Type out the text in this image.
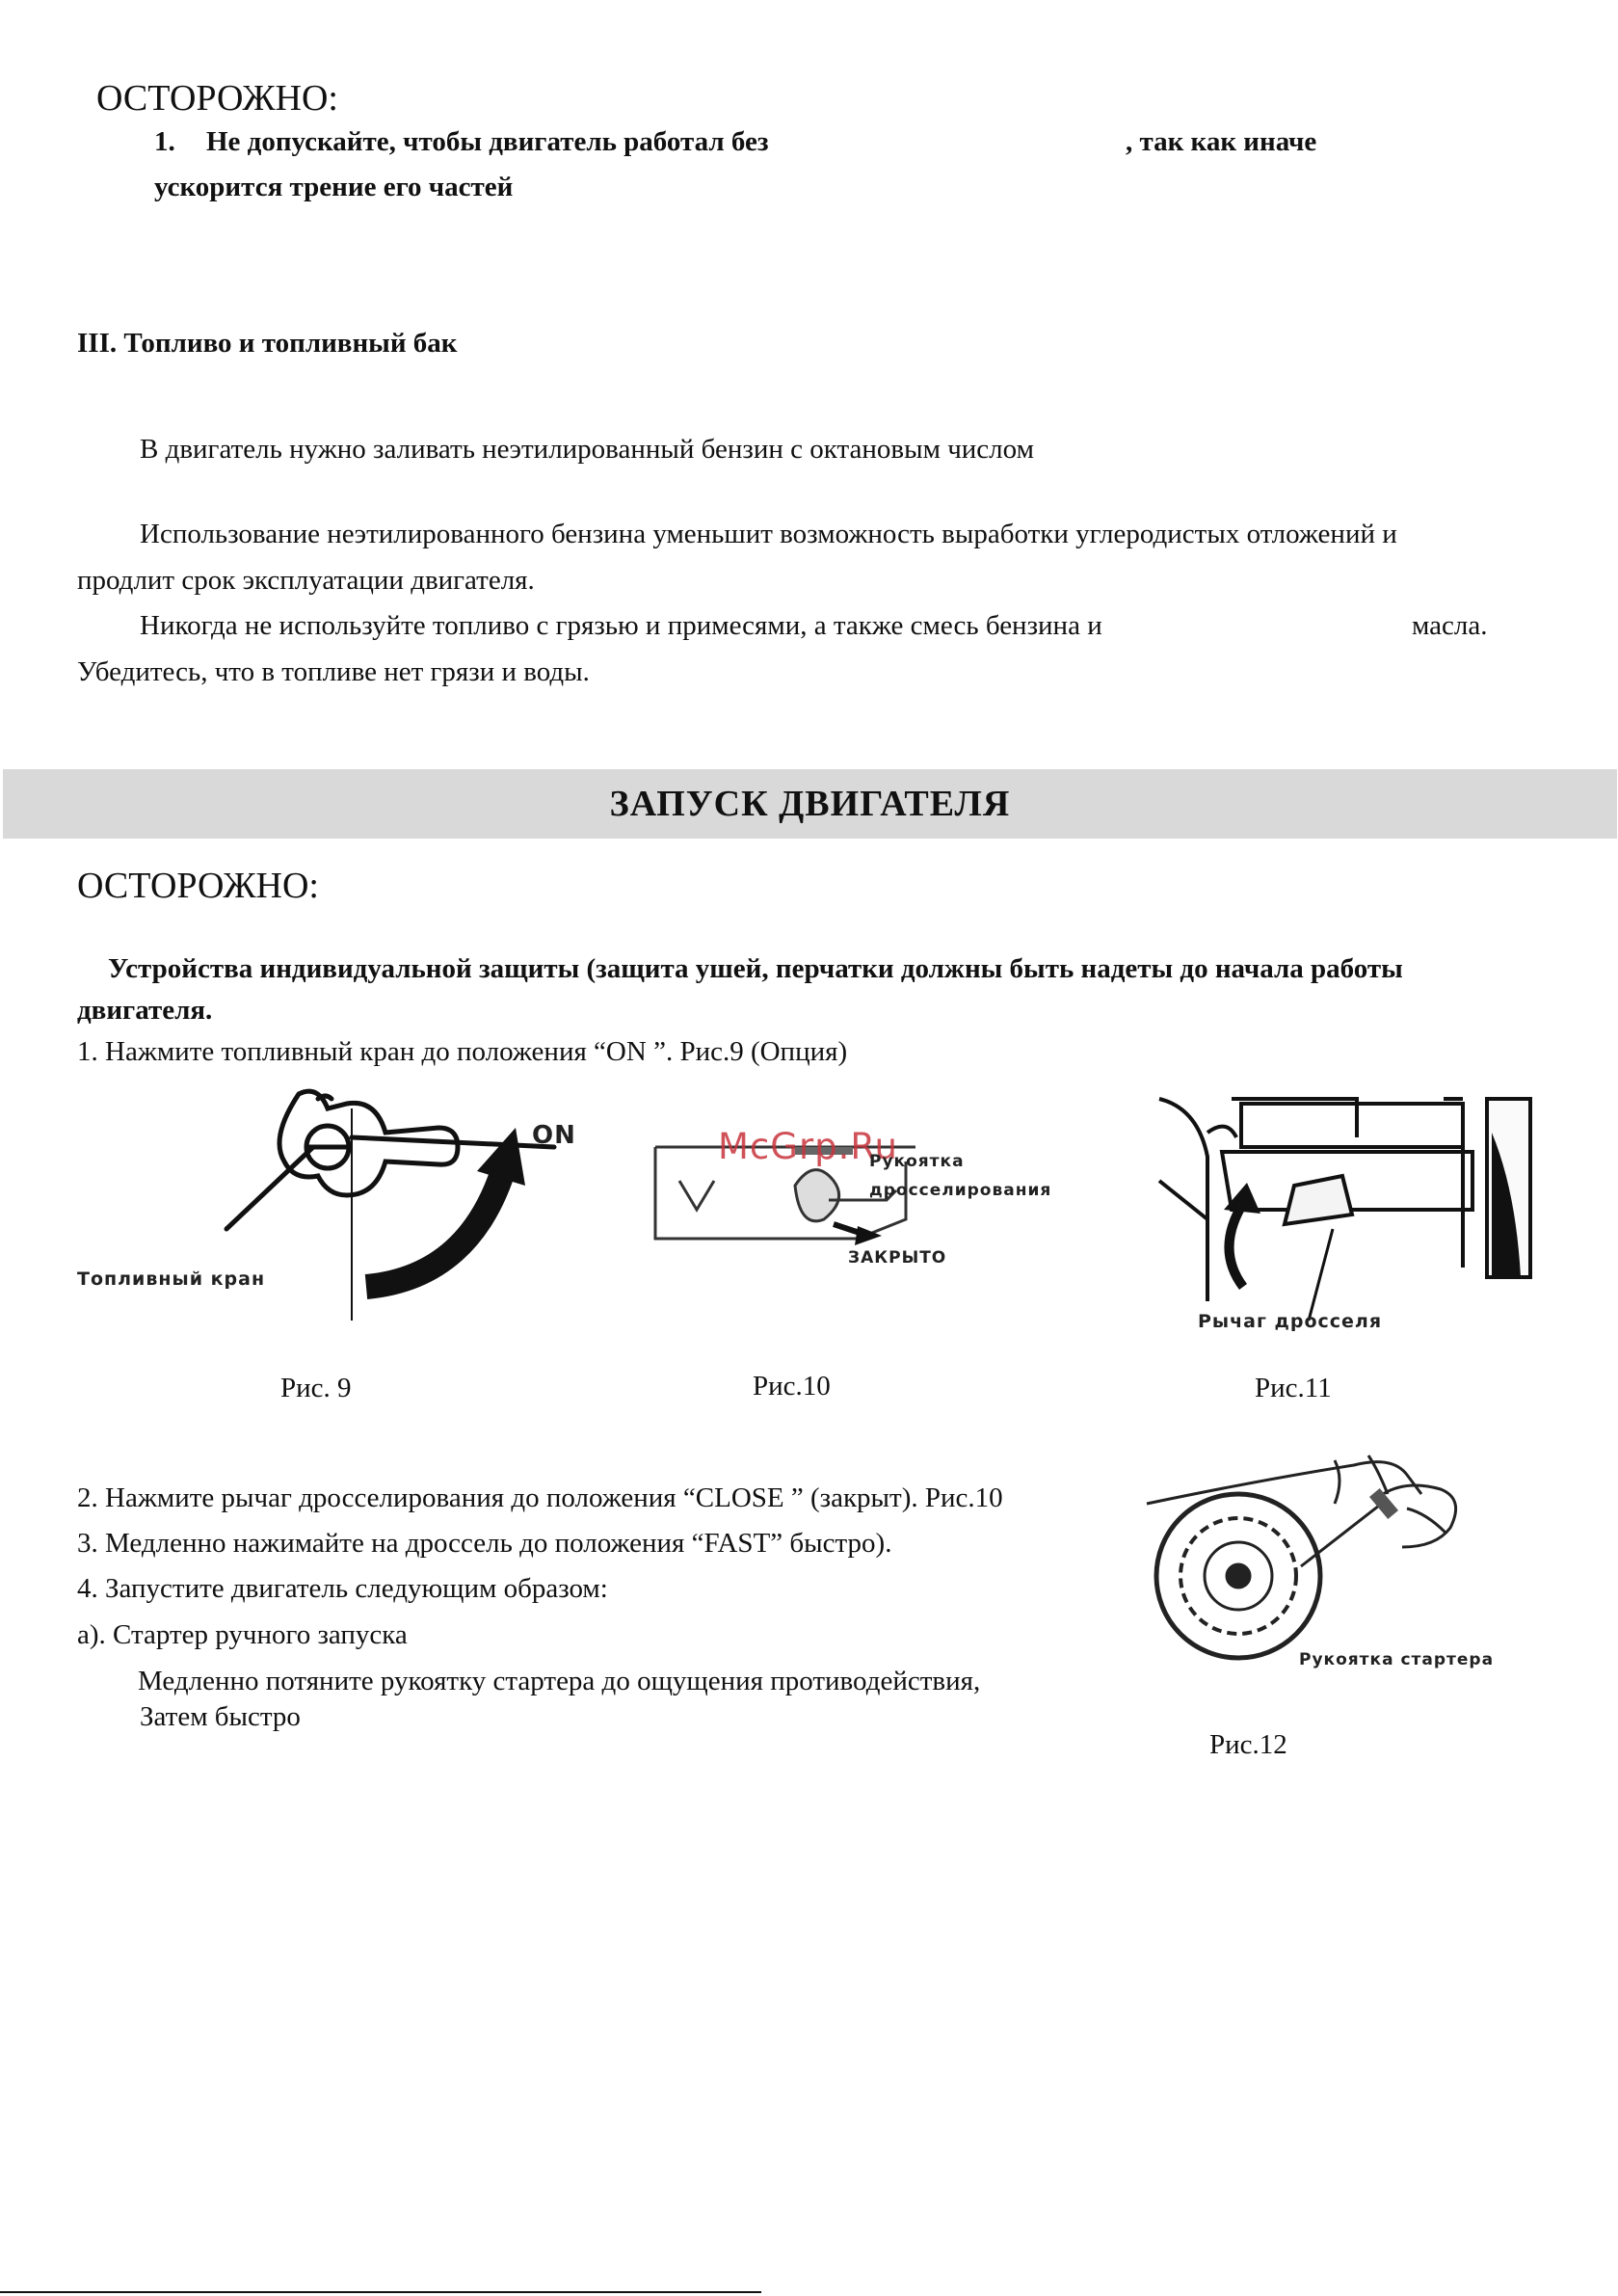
ОСТОРОЖНО:
1. Не допускайте, чтобы двигатель работал без	, так как иначе
ускорится трение его частей
III. Топливо и топливный бак
В двигатель нужно заливать неэтилированный бензин с октановым числом
Использование неэтилированного бензина уменьшит возможность выработки углеродистых отложений и
продлит срок эксплуатации двигателя.
Никогда не используйте топливо с грязью и примесями, а также смесь бензина и	масла.
Убедитесь, что в топливе нет грязи и воды.
ЗАПУСК ДВИГАТЕЛЯ
ОСТОРОЖНО:
Устройства индивидуальной защиты (защита ушей, перчатки должны быть надеты до начала работы
двигателя.
1. Нажмите топливный кран до положения “ON ”. Рис.9 (Опция)
Топливный кран
ON
Рис. 9
McGrp.Ru
Рукоятка
дросселирования
ЗАКРЫТО
Рис.10
Рычаг дросселя
Рис.11
2. Нажмите рычаг дросселирования до положения “CLOSE ” (закрыт). Рис.10
3. Медленно нажимайте на дроссель до положения “FAST” быстро).
4. Запустите двигатель следующим образом:
а). Стартер ручного запуска
Медленно потяните рукоятку стартера до ощущения противодействия,
Затем быстро
Рукоятка стартера
Рис.12
